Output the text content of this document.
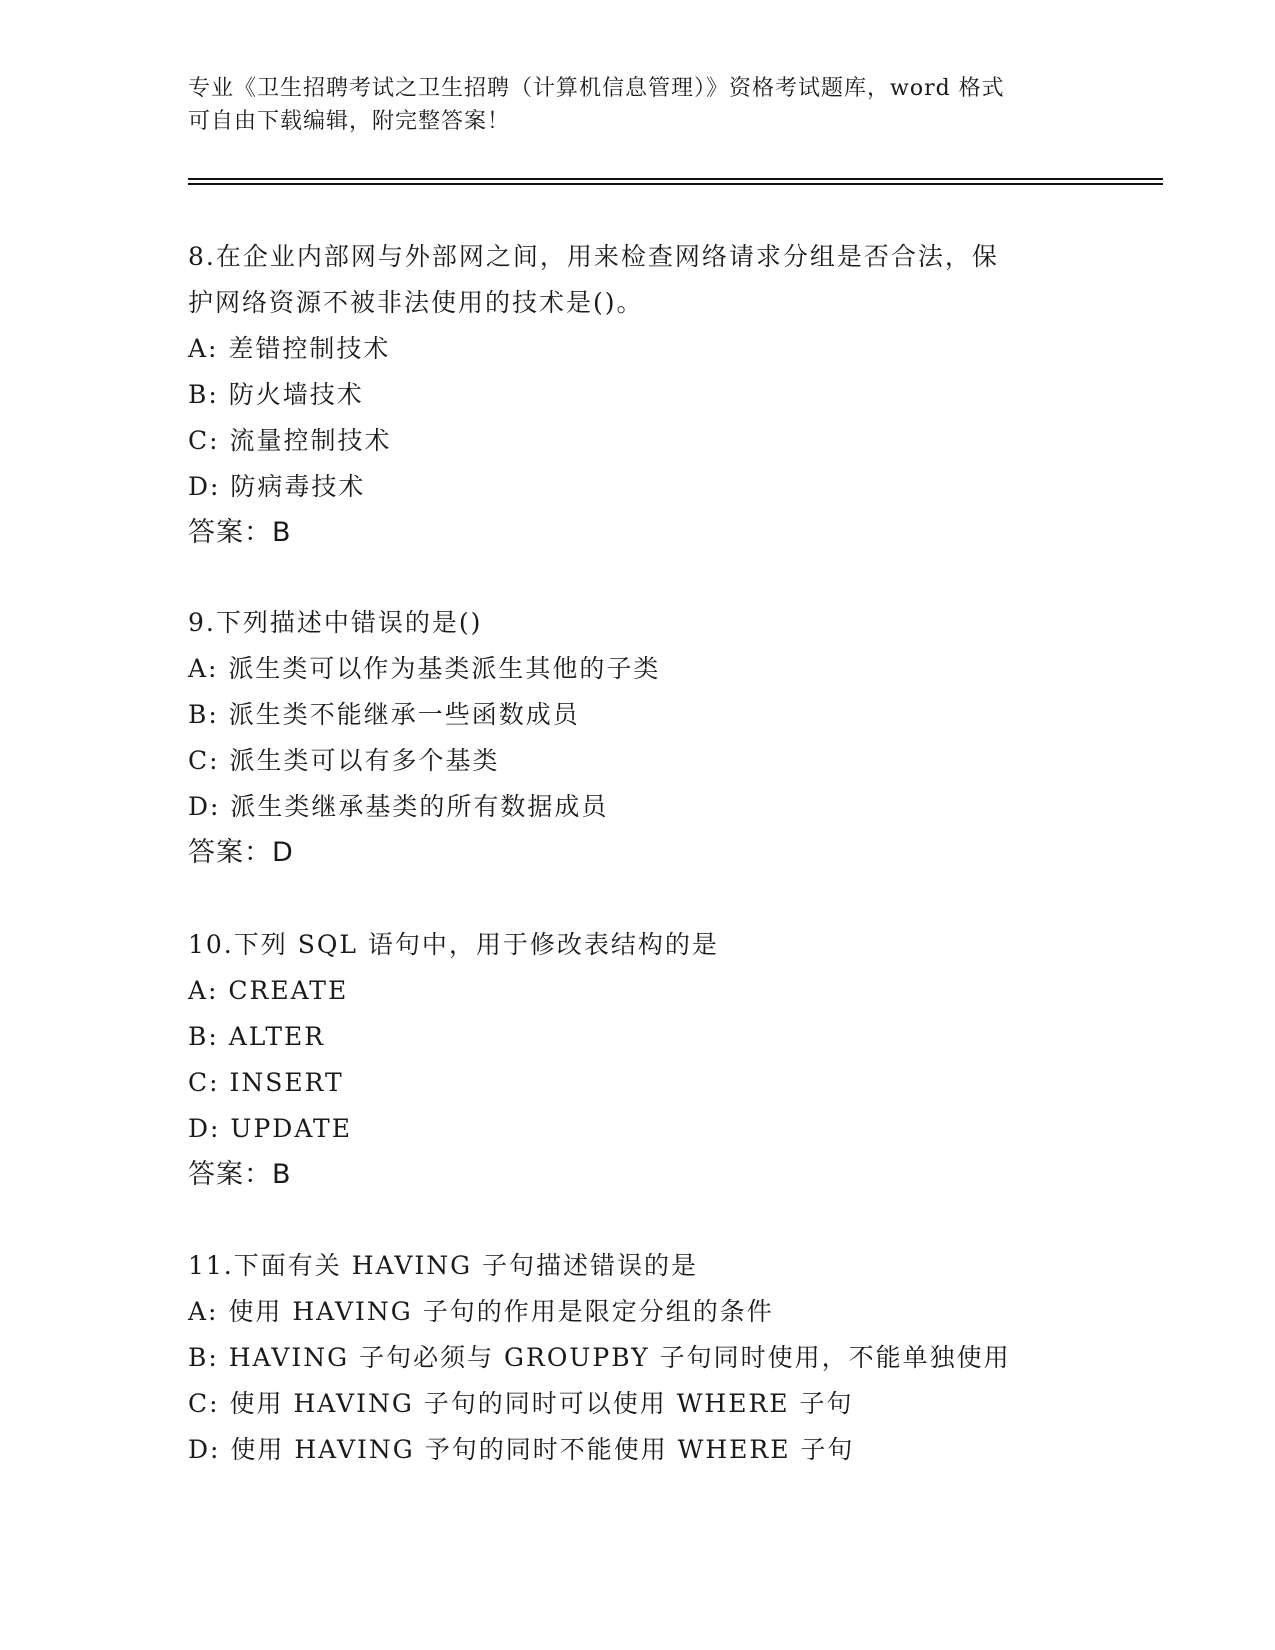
专业《卫生招聘考试之卫生招聘（计算机信息管理）》资格考试题库，word 格式
可自由下载编辑，附完整答案！
8.在企业内部网与外部网之间，用来检查网络请求分组是否合法，保
护网络资源不被非法使用的技术是()。
A: 差错控制技术
B: 防火墙技术
C: 流量控制技术
D: 防病毒技术
答案：B
9.下列描述中错误的是()
A: 派生类可以作为基类派生其他的子类
B: 派生类不能继承一些函数成员
C: 派生类可以有多个基类
D: 派生类继承基类的所有数据成员
答案：D
10.下列 SQL 语句中，用于修改表结构的是
A: CREATE
B: ALTER
C: INSERT
D: UPDATE
答案：B
11.下面有关 HAVING 子句描述错误的是
A: 使用 HAVING 子句的作用是限定分组的条件
B: HAVING 子句必须与 GROUPBY 子句同时使用，不能单独使用
C: 使用 HAVING 子句的同时可以使用 WHERE 子句
D: 使用 HAVING 予句的同时不能使用 WHERE 子句
